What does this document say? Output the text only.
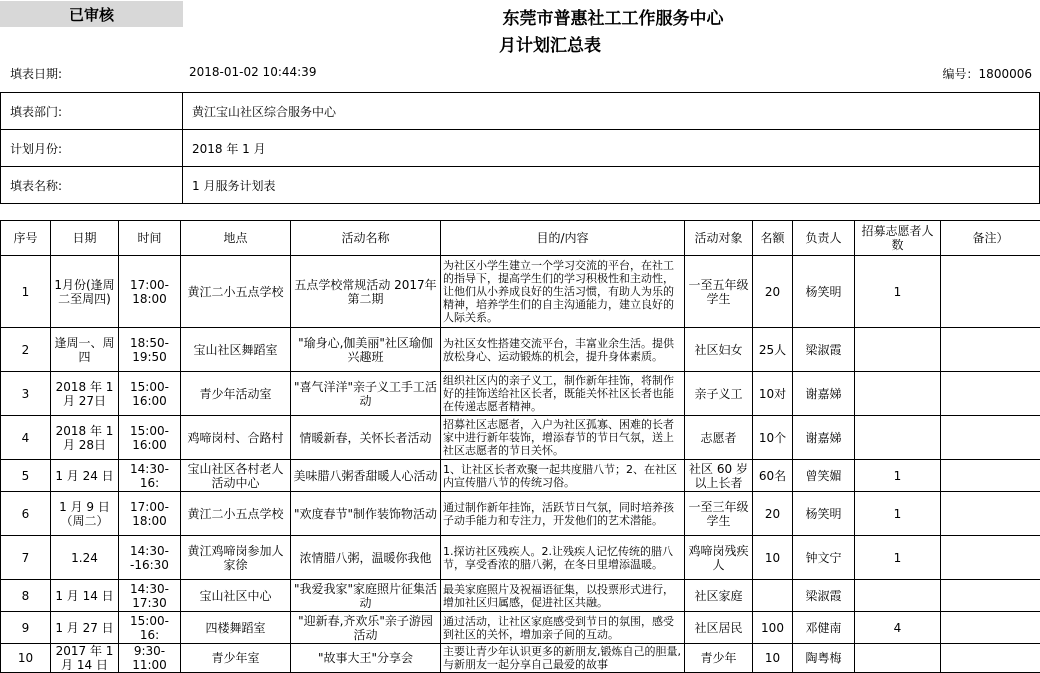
已审核	东莞市普惠社工工作服务中心
月计划汇总表
填表日期:	2018-01-02 10:44:39	编号：1800006
填表部门:	黄江宝山社区综合服务中心
计划月份:	2018 年 1 月
填表名称:	1 月服务计划表
序号	日期	时间	地点	活动名称	目的/内容	活动对象	名额	负责人	招募志愿者人数	备注）
1	1月份(逢周二至周四)	17:00-18:00	黄江二小五点学校	五点学校常规活动 2017年第二期	为社区小学生建立一个学习交流的平台，在社工的指导下，提高学生们的学习积极性和主动性，让他们从小养成良好的生活习惯，有助人为乐的精神，培养学生们的自主沟通能力，建立良好的人际关系。	一至五年级学生	20	杨笑明	1	
2	逢周一、周四	18:50-19:50	宝山社区舞蹈室	"瑜身心,伽美丽"社区瑜伽兴趣班	为社区女性搭建交流平台，丰富业余生活。提供放松身心、运动锻炼的机会，提升身体素质。	社区妇女	25人	梁淑霞		
3	2018 年 1 月 27日	15:00-16:00	青少年活动室	"喜气洋洋"亲子义工手工活动	组织社区内的亲子义工，制作新年挂饰，将制作好的挂饰送给社区长者，既能关怀社区长者也能在传递志愿者精神。	亲子义工	10对	谢嘉娣		
4	2018 年 1 月 28日	15:00-16:00	鸡啼岗村、合路村	情暖新春，关怀长者活动	招募社区志愿者，入户为社区孤寡、困难的长者家中进行新年装饰，增添春节的节日气氛，送上社区志愿者的节日关怀。	志愿者	10个	谢嘉娣		
5	1 月 24 日	14:30-16:	宝山社区各村老人活动中心	美味腊八粥香甜暖人心活动	1、让社区长者欢聚一起共度腊八节；2、在社区内宣传腊八节的传统习俗。	社区 60 岁以上长者	60名	曾笑媚	1	
6	1 月 9 日（周二）	17:00-18:00	黄江二小五点学校	"欢度春节"制作装饰物活动	通过制作新年挂饰，活跃节日气氛，同时培养孩子动手能力和专注力，开发他们的艺术潜能。	一至三年级学生	20	杨笑明	1	
7	1.24	14:30--16:30	黄江鸡啼岗参加人家徐	浓情腊八粥，温暖你我他	1.探访社区残疾人。2.让残疾人记忆传统的腊八节，享受香浓的腊八粥，在冬日里增添温暖。	鸡啼岗残疾人	10	钟文宁	1	
8	1 月 14 日	14:30-17:30	宝山社区中心	"我爱我家"家庭照片征集活动	最美家庭照片及祝福语征集，以投票形式进行，增加社区归属感，促进社区共融。	社区家庭		梁淑霞		
9	1 月 27 日	15:00-16:	四楼舞蹈室	"迎新春,齐欢乐"亲子游园活动	通过活动，让社区家庭感受到节日的氛围，感受到社区的关怀，增加亲子间的互动。	社区居民	100	邓健南	4	
10	2017 年 1 月 14 日	9:30-11:00	青少年室	"故事大王"分享会	主要让青少年认识更多的新朋友,锻炼自己的胆量,与新朋友一起分享自己最爱的故事	青少年	10	陶粤梅		
